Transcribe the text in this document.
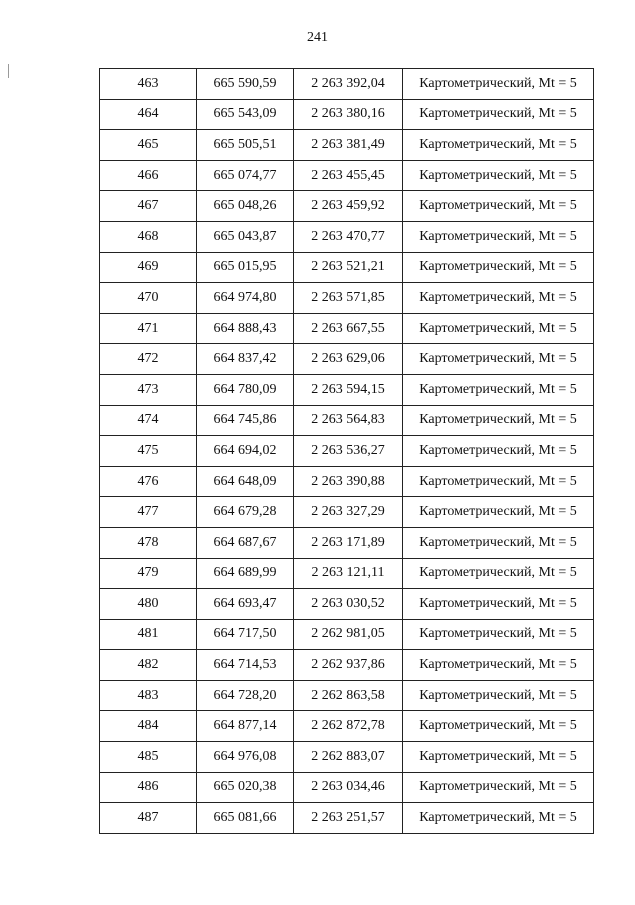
241
463	665 590,59	2 263 392,04	Картометрический, Mt = 5
464	665 543,09	2 263 380,16	Картометрический, Mt = 5
465	665 505,51	2 263 381,49	Картометрический, Mt = 5
466	665 074,77	2 263 455,45	Картометрический, Mt = 5
467	665 048,26	2 263 459,92	Картометрический, Mt = 5
468	665 043,87	2 263 470,77	Картометрический, Mt = 5
469	665 015,95	2 263 521,21	Картометрический, Mt = 5
470	664 974,80	2 263 571,85	Картометрический, Mt = 5
471	664 888,43	2 263 667,55	Картометрический, Mt = 5
472	664 837,42	2 263 629,06	Картометрический, Mt = 5
473	664 780,09	2 263 594,15	Картометрический, Mt = 5
474	664 745,86	2 263 564,83	Картометрический, Mt = 5
475	664 694,02	2 263 536,27	Картометрический, Mt = 5
476	664 648,09	2 263 390,88	Картометрический, Mt = 5
477	664 679,28	2 263 327,29	Картометрический, Mt = 5
478	664 687,67	2 263 171,89	Картометрический, Mt = 5
479	664 689,99	2 263 121,11	Картометрический, Mt = 5
480	664 693,47	2 263 030,52	Картометрический, Mt = 5
481	664 717,50	2 262 981,05	Картометрический, Mt = 5
482	664 714,53	2 262 937,86	Картометрический, Mt = 5
483	664 728,20	2 262 863,58	Картометрический, Mt = 5
484	664 877,14	2 262 872,78	Картометрический, Mt = 5
485	664 976,08	2 262 883,07	Картометрический, Mt = 5
486	665 020,38	2 263 034,46	Картометрический, Mt = 5
487	665 081,66	2 263 251,57	Картометрический, Mt = 5
